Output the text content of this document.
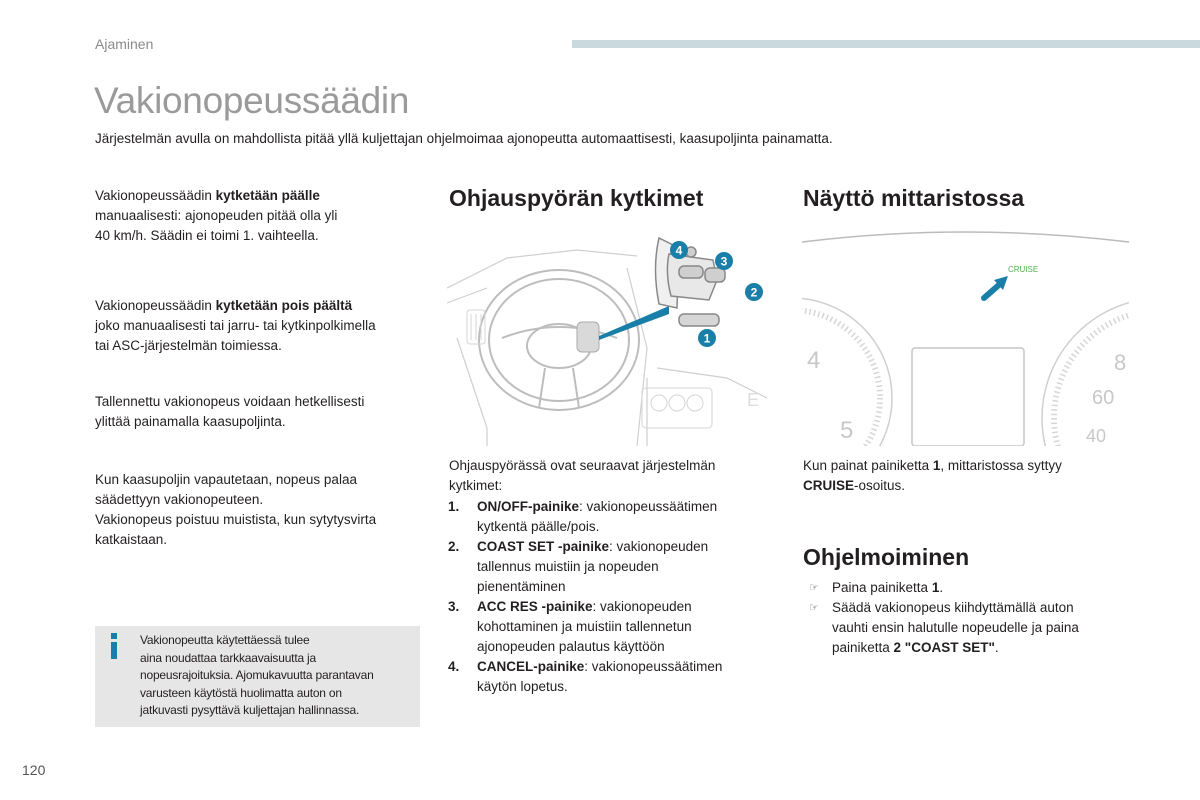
Ajaminen
Vakionopeussäädin
Järjestelmän avulla on mahdollista pitää yllä kuljettajan ohjelmoimaa ajonopeutta automaattisesti, kaasupoljinta painamatta.
Vakionopeussäädin kytketään päälle
manuaalisesti: ajonopeuden pitää olla yli
40 km/h. Säädin ei toimi 1. vaihteella.
Vakionopeussäädin kytketään pois päältä
joko manuaalisesti tai jarru- tai kytkinpolkimella
tai ASC-järjestelmän toimiessa.
Tallennettu vakionopeus voidaan hetkellisesti
ylittää painamalla kaasupoljinta.
Kun kaasupoljin vapautetaan, nopeus palaa
säädettyyn vakionopeuteen.
Vakionopeus poistuu muistista, kun sytytysvirta
katkaistaan.
Vakionopeutta käytettäessä tulee
aina noudattaa tarkkaavaisuutta ja
nopeusrajoituksia. Ajomukavuutta parantavan
varusteen käytöstä huolimatta auton on
jatkuvasti pysyttävä kuljettajan hallinnassa.
Ohjauspyörän kytkimet
E
4
3
2
1
Ohjauspyörässä ovat seuraavat järjestelmän
kytkimet:
1. ON/OFF-painike: vakionopeussäätimen
kytkentä päälle/pois.
2. COAST SET -painike: vakionopeuden
tallennus muistiin ja nopeuden
pienentäminen
3. ACC RES -painike: vakionopeuden
kohottaminen ja muistiin tallennetun
ajonopeuden palautus käyttöön
4. CANCEL-painike: vakionopeussäätimen
käytön lopetus.
Näyttö mittaristossa
4
5
8
60
40
CRUISE
Kun painat painiketta 1, mittaristossa syttyy
CRUISE-osoitus.
Ohjelmoiminen
☞ Paina painiketta 1.
☞ Säädä vakionopeus kiihdyttämällä auton
vauhti ensin halutulle nopeudelle ja paina
painiketta 2 "COAST SET".
120
